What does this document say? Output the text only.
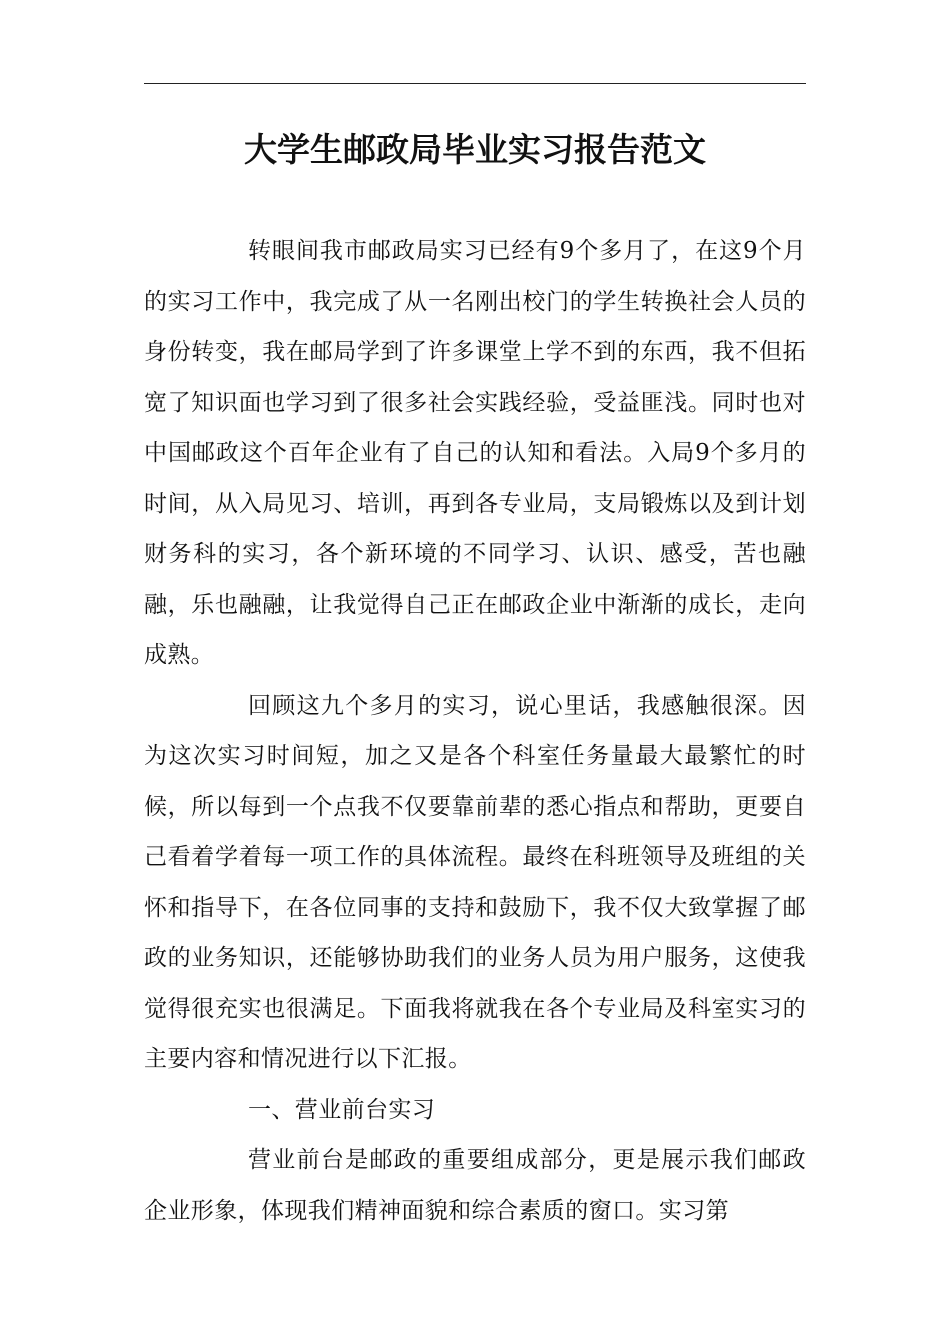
大学生邮政局毕业实习报告范文

转眼间我市邮政局实习已经有9个多月了，在这9个月的实习工作中，我完成了从一名刚出校门的学生转换社会人员的身份转变，我在邮局学到了许多课堂上学不到的东西，我不但拓宽了知识面也学习到了很多社会实践经验，受益匪浅。同时也对中国邮政这个百年企业有了自己的认知和看法。入局9个多月的时间，从入局见习、培训，再到各专业局，支局锻炼以及到计划财务科的实习，各个新环境的不同学习、认识、感受，苦也融融，乐也融融，让我觉得自己正在邮政企业中渐渐的成长，走向成熟。

回顾这九个多月的实习，说心里话，我感触很深。因为这次实习时间短，加之又是各个科室任务量最大最繁忙的时候，所以每到一个点我不仅要靠前辈的悉心指点和帮助，更要自己看着学着每一项工作的具体流程。最终在科班领导及班组的关怀和指导下，在各位同事的支持和鼓励下，我不仅大致掌握了邮政的业务知识，还能够协助我们的业务人员为用户服务，这使我觉得很充实也很满足。下面我将就我在各个专业局及科室实习的主要内容和情况进行以下汇报。

一、营业前台实习

营业前台是邮政的重要组成部分，更是展示我们邮政企业形象，体现我们精神面貌和综合素质的窗口。实习第
